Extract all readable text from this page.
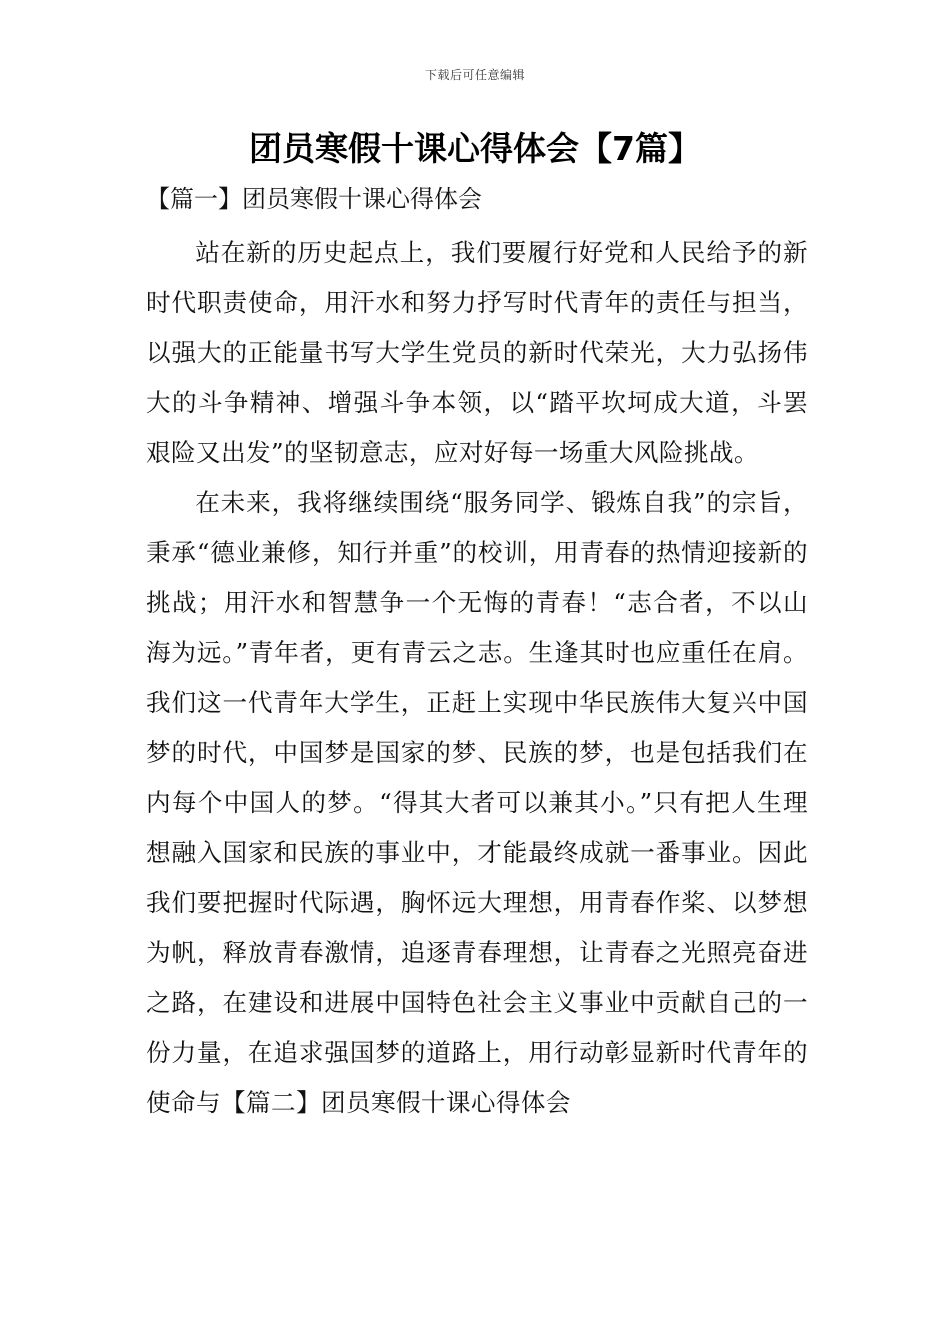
下载后可任意编辑
团员寒假十课心得体会【7篇】
【篇一】团员寒假十课心得体会

站在新的历史起点上，我们要履行好党和人民给予的新时代职责使命，用汗水和努力抒写时代青年的责任与担当，以强大的正能量书写大学生党员的新时代荣光，大力弘扬伟大的斗争精神、增强斗争本领，以“踏平坎坷成大道，斗罢艰险又出发”的坚韧意志，应对好每一场重大风险挑战。

在未来，我将继续围绕“服务同学、锻炼自我”的宗旨，秉承“德业兼修，知行并重”的校训，用青春的热情迎接新的挑战；用汗水和智慧争一个无悔的青春！“志合者，不以山海为远。”青年者，更有青云之志。生逢其时也应重任在肩。我们这一代青年大学生，正赶上实现中华民族伟大复兴中国梦的时代，中国梦是国家的梦、民族的梦，也是包括我们在内每个中国人的梦。“得其大者可以兼其小。”只有把人生理想融入国家和民族的事业中，才能最终成就一番事业。因此我们要把握时代际遇，胸怀远大理想，用青春作桨、以梦想为帆，释放青春激情，追逐青春理想，让青春之光照亮奋进之路，在建设和进展中国特色社会主义事业中贡献自己的一份力量，在追求强国梦的道路上，用行动彰显新时代青年的使命与【篇二】团员寒假十课心得体会
